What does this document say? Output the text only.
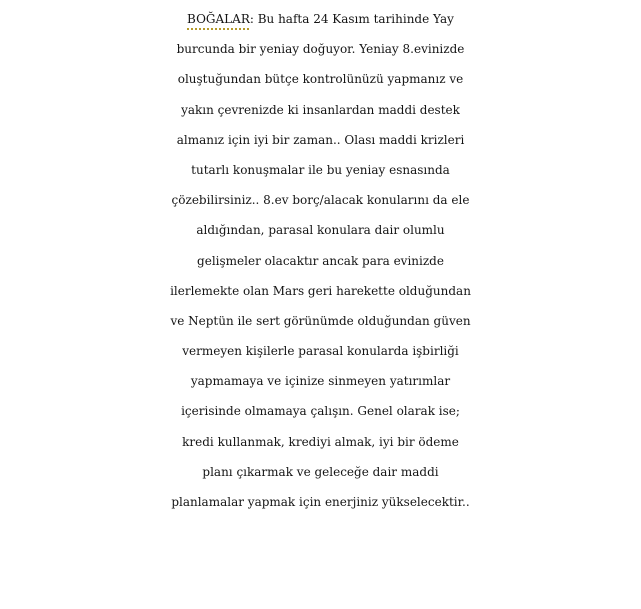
BOĞALAR: Bu hafta 24 Kasım tarihinde Yay
burcunda bir yeniay doğuyor. Yeniay 8.evinizde
oluştuğundan bütçe kontrolünüzü yapmanız ve
yakın çevrenizde ki insanlardan maddi destek
almanız için iyi bir zaman.. Olası maddi krizleri
tutarlı konuşmalar ile bu yeniay esnasında
çözebilirsiniz.. 8.ev borç/alacak konularını da ele
aldığından, parasal konulara dair olumlu
gelişmeler olacaktır ancak para evinizde
ilerlemekte olan Mars geri harekette olduğundan
ve Neptün ile sert görünümde olduğundan güven
vermeyen kişilerle parasal konularda işbirliği
yapmamaya ve içinize sinmeyen yatırımlar
içerisinde olmamaya çalışın. Genel olarak ise;
kredi kullanmak, krediyi almak, iyi bir ödeme
planı çıkarmak ve geleceğe dair maddi
planlamalar yapmak için enerjiniz yükselecektir..
